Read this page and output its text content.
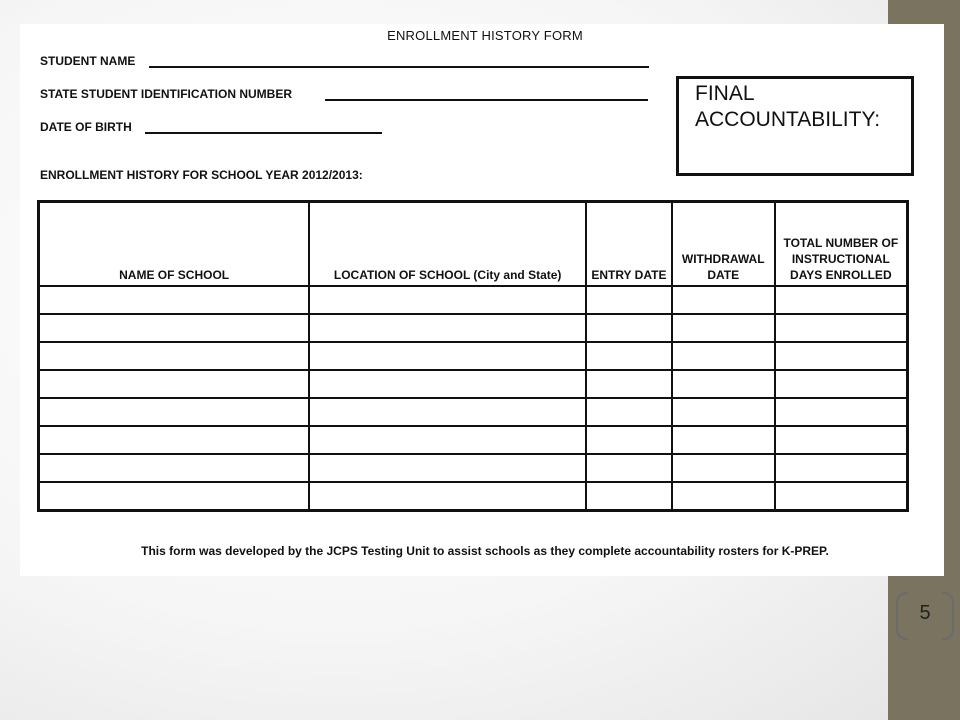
ENROLLMENT HISTORY FORM
STUDENT NAME
STATE STUDENT IDENTIFICATION NUMBER
DATE OF BIRTH
ENROLLMENT HISTORY FOR SCHOOL YEAR 2012/2013:
FINAL
ACCOUNTABILITY:
NAME OF SCHOOL	LOCATION OF SCHOOL (City and State)	ENTRY DATE	WITHDRAWAL DATE	TOTAL NUMBER OF INSTRUCTIONAL DAYS ENROLLED

This form was developed by the JCPS Testing Unit to assist schools as they complete accountability rosters for K-PREP.
5
